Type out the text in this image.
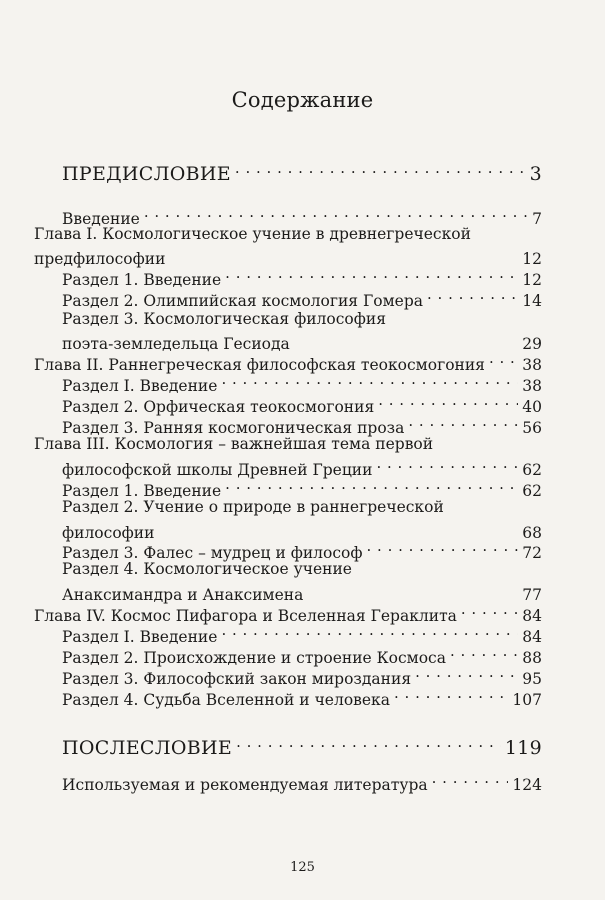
Содержание
ПРЕДИСЛОВИЕ . . .	3
Введение . . .	7
Глава I. Космологическое учение в древнегреческой
предфилософии	12
Раздел 1. Введение . . .	12
Раздел 2. Олимпийская космология Гомера . . .	14
Раздел 3. Космологическая философия
поэта-земледельца Гесиода	29
Глава II. Раннегреческая философская теокосмогония . . . 38
Раздел I. Введение . . .	38
Раздел 2. Орфическая теокосмогония . . .	40
Раздел 3. Ранняя космогоническая проза . . .	56
Глава III. Космология – важнейшая тема первой
философской школы Древней Греции . . .	62
Раздел 1. Введение . . .	62
Раздел 2. Учение о природе в раннегреческой
философии	68
Раздел 3. Фалес – мудрец и философ . . .	72
Раздел 4. Космологическое учение
Анаксимандра и Анаксимена	77
Глава IV. Космос Пифагора и Вселенная Гераклита . . .	84
Раздел I. Введение . . .	84
Раздел 2. Происхождение и строение Космоса . . .	88
Раздел 3. Философский закон мироздания . . .	95
Раздел 4. Судьба Вселенной и человека . . .	107
ПОСЛЕСЛОВИЕ . . .	119
Используемая и рекомендуемая литература . . .	124
125
